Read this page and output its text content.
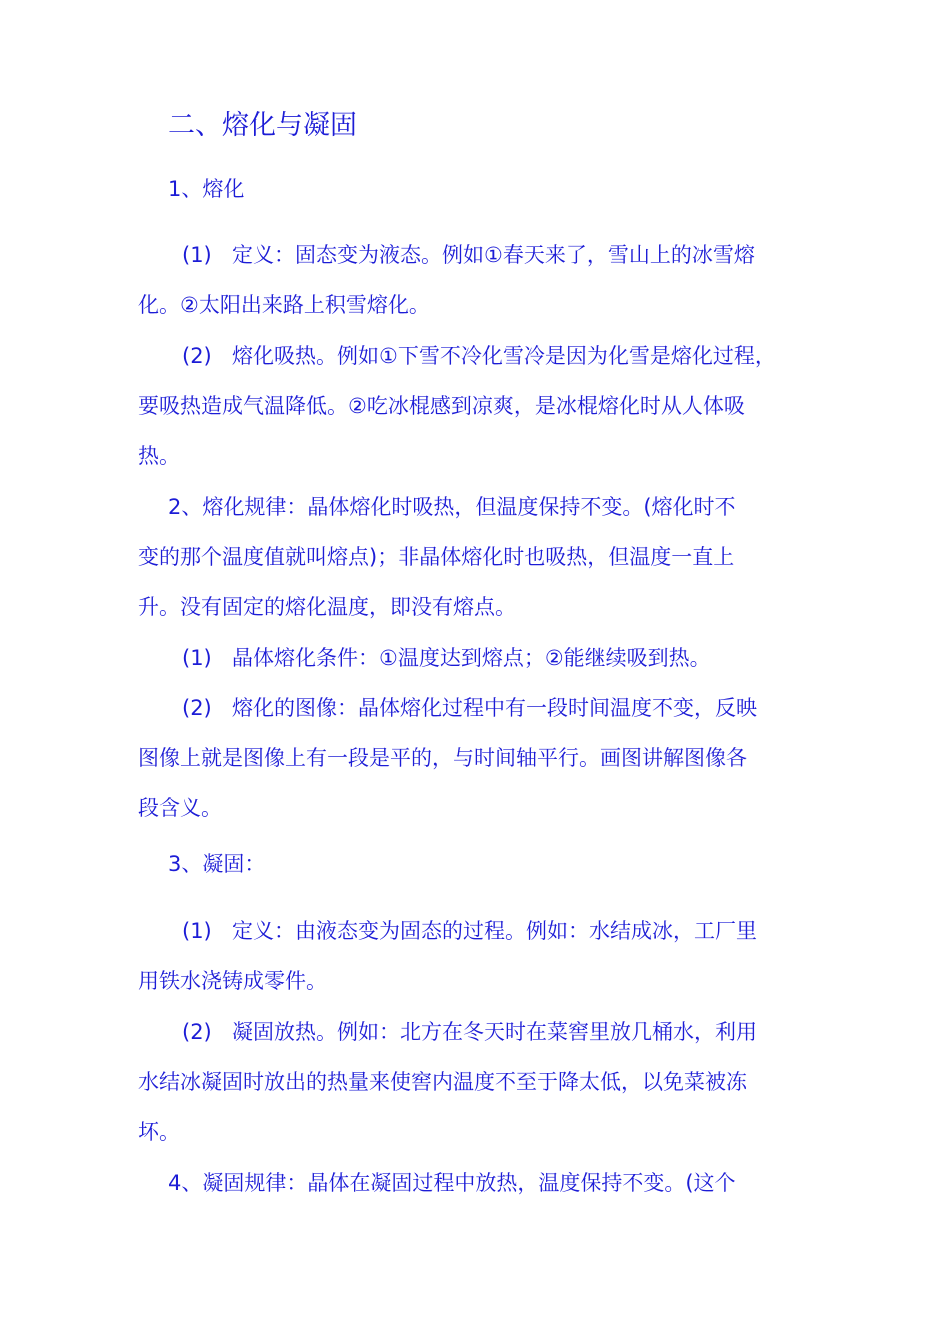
二、熔化与凝固
1、熔化
(1) 定义：固态变为液态。例如①春天来了，雪山上的冰雪熔
化。②太阳出来路上积雪熔化。
(2) 熔化吸热。例如①下雪不冷化雪冷是因为化雪是熔化过程，
要吸热造成气温降低。②吃冰棍感到凉爽，是冰棍熔化时从人体吸
热。
2、熔化规律：晶体熔化时吸热，但温度保持不变。(熔化时不
变的那个温度值就叫熔点)；非晶体熔化时也吸热，但温度一直上
升。没有固定的熔化温度，即没有熔点。
(1) 晶体熔化条件：①温度达到熔点；②能继续吸到热。
(2) 熔化的图像：晶体熔化过程中有一段时间温度不变，反映
图像上就是图像上有一段是平的，与时间轴平行。画图讲解图像各
段含义。
3、凝固：
(1) 定义：由液态变为固态的过程。例如：水结成冰，工厂里
用铁水浇铸成零件。
(2) 凝固放热。例如：北方在冬天时在菜窖里放几桶水，利用
水结冰凝固时放出的热量来使窖内温度不至于降太低，以免菜被冻
坏。
4、凝固规律：晶体在凝固过程中放热，温度保持不变。(这个
